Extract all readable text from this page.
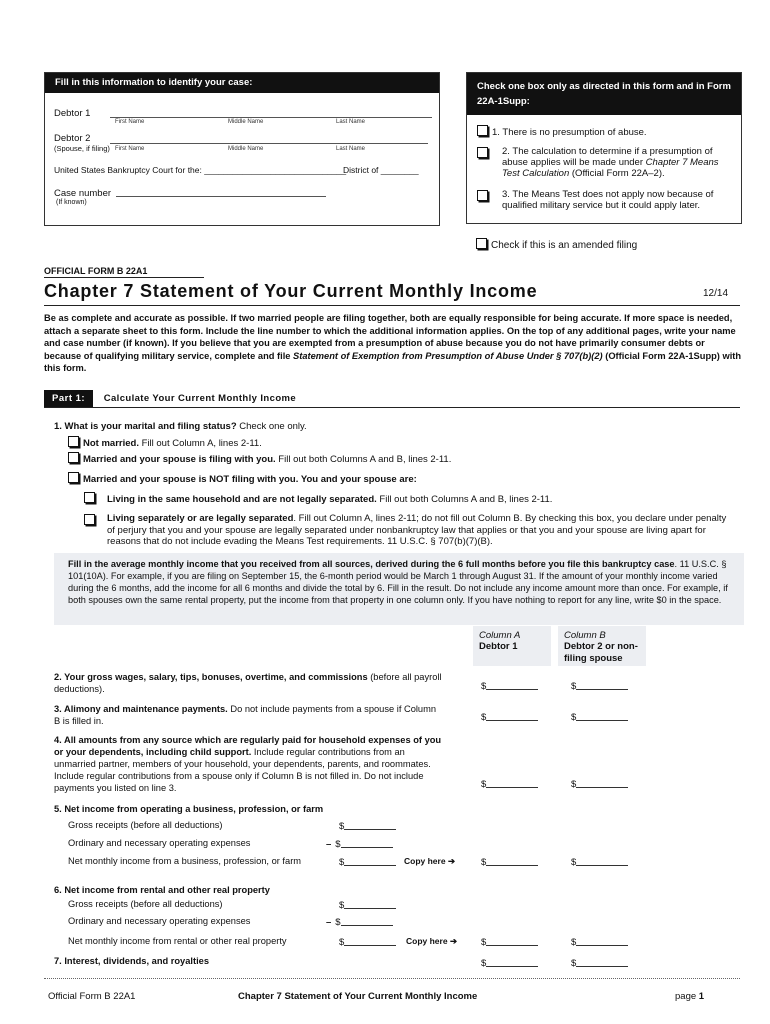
Fill in this information to identify your case:
Debtor 1
First Name	Middle Name	Last Name
Debtor 2
(Spouse, if filing) First Name	Middle Name	Last Name
United States Bankruptcy Court for the: ______________________________
District of ________
Case number
(If known)
Check one box only as directed in this form and in Form 22A-1Supp:
1. There is no presumption of abuse.
2. The calculation to determine if a presumption of abuse applies will be made under Chapter 7 Means Test Calculation (Official Form 22A–2).
3. The Means Test does not apply now because of qualified military service but it could apply later.
Check if this is an amended filing
OFFICIAL FORM B 22A1
Chapter 7 Statement of Your Current Monthly Income	12/14
Be as complete and accurate as possible. If two married people are filing together, both are equally responsible for being accurate. If more space is needed, attach a separate sheet to this form. Include the line number to which the additional information applies. On the top of any additional pages, write your name and case number (if known). If you believe that you are exempted from a presumption of abuse because you do not have primarily consumer debts or because of qualifying military service, complete and file Statement of Exemption from Presumption of Abuse Under § 707(b)(2) (Official Form 22A-1Supp) with this form.
Part 1: Calculate Your Current Monthly Income
1. What is your marital and filing status? Check one only.
Not married. Fill out Column A, lines 2-11.
Married and your spouse is filing with you. Fill out both Columns A and B, lines 2-11.
Married and your spouse is NOT filing with you. You and your spouse are:
Living in the same household and are not legally separated. Fill out both Columns A and B, lines 2-11.
Living separately or are legally separated. Fill out Column A, lines 2-11; do not fill out Column B. By checking this box, you declare under penalty of perjury that you and your spouse are legally separated under nonbankruptcy law that applies or that you and your spouse are living apart for reasons that do not include evading the Means Test requirements. 11 U.S.C. § 707(b)(7)(B).
Fill in the average monthly income that you received from all sources, derived during the 6 full months before you file this bankruptcy case. 11 U.S.C. § 101(10A). For example, if you are filing on September 15, the 6-month period would be March 1 through August 31. If the amount of your monthly income varied during the 6 months, add the income for all 6 months and divide the total by 6. Fill in the result. Do not include any income amount more than once. For example, if both spouses own the same rental property, put the income from that property in one column only. If you have nothing to report for any line, write $0 in the space.
Column A
Debtor 1
Column B
Debtor 2 or non-filing spouse
2. Your gross wages, salary, tips, bonuses, overtime, and commissions (before all payroll deductions).	$	$
3. Alimony and maintenance payments. Do not include payments from a spouse if Column B is filled in.	$	$
4. All amounts from any source which are regularly paid for household expenses of you or your dependents, including child support. Include regular contributions from an unmarried partner, members of your household, your dependents, parents, and roommates. Include regular contributions from a spouse only if Column B is not filled in. Do not include payments you listed on line 3.	$	$
5. Net income from operating a business, profession, or farm
Gross receipts (before all deductions)	$
Ordinary and necessary operating expenses	– $
Net monthly income from a business, profession, or farm	$	Copy here ➔	$	$
6. Net income from rental and other real property
Gross receipts (before all deductions)	$
Ordinary and necessary operating expenses	– $
Net monthly income from rental or other real property	$	Copy here ➔	$	$
7. Interest, dividends, and royalties	$	$
Official Form B 22A1	Chapter 7 Statement of Your Current Monthly Income	page 1
